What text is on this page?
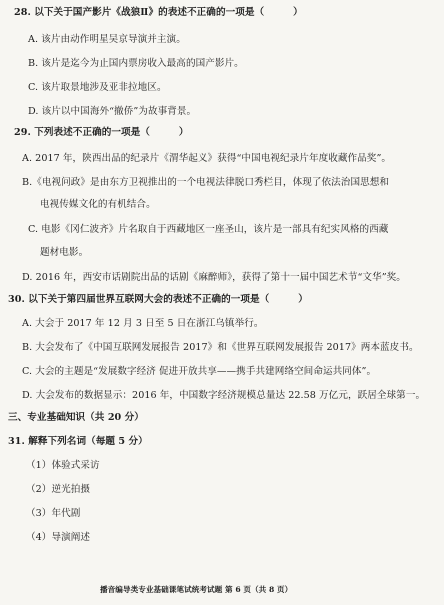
28. 以下关于国产影片《战狼Ⅱ》的表述不正确的一项是（　　　）
A. 该片由动作明星吴京导演并主演。
B. 该片是迄今为止国内票房收入最高的国产影片。
C. 该片取景地涉及亚非拉地区。
D. 该片以中国海外“撤侨”为故事背景。
29. 下列表述不正确的一项是（　　　）
A. 2017 年，陕西出品的纪录片《渭华起义》获得“中国电视纪录片年度收藏作品奖”。
B.《电视问政》是由东方卫视推出的一个电视法律脱口秀栏目，体现了依法治国思想和
电视传媒文化的有机结合。
C. 电影《冈仁波齐》片名取自于西藏地区一座圣山，该片是一部具有纪实风格的西藏
题材电影。
D. 2016 年，西安市话剧院出品的话剧《麻醉师》，获得了第十一届中国艺术节“文华”奖。
30. 以下关于第四届世界互联网大会的表述不正确的一项是（　　　）
A. 大会于 2017 年 12 月 3 日至 5 日在浙江乌镇举行。
B. 大会发布了《中国互联网发展报告 2017》和《世界互联网发展报告 2017》两本蓝皮书。
C. 大会的主题是“发展数字经济 促进开放共享——携手共建网络空间命运共同体”。
D. 大会发布的数据显示：2016 年，中国数字经济规模总量达 22.58 万亿元，跃居全球第一。
三、专业基础知识（共 20 分）
31. 解释下列名词（每题 5 分）
（1）体验式采访
（2）逆光拍摄
（3）年代剧
（4）导演阐述
播音编导类专业基础课笔试统考试题 第 6 页（共 8 页）
